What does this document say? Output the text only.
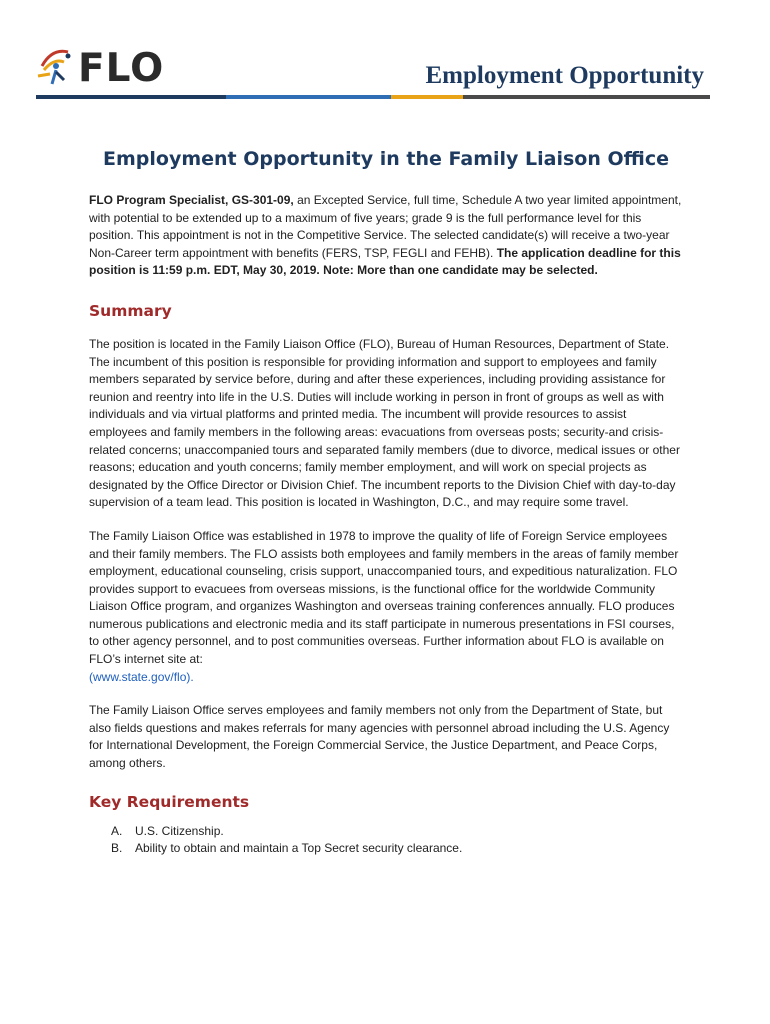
FLO	Employment Opportunity
Employment Opportunity in the Family Liaison Office

FLO Program Specialist, GS-301-09, an Excepted Service, full time, Schedule A two year limited appointment, with potential to be extended up to a maximum of five years; grade 9 is the full performance level for this position. This appointment is not in the Competitive Service. The selected candidate(s) will receive a two-year Non-Career term appointment with benefits (FERS, TSP, FEGLI and FEHB). The application deadline for this position is 11:59 p.m. EDT, May 30, 2019. Note: More than one candidate may be selected.

Summary

The position is located in the Family Liaison Office (FLO), Bureau of Human Resources, Department of State. The incumbent of this position is responsible for providing information and support to employees and family members separated by service before, during and after these experiences, including providing assistance for reunion and reentry into life in the U.S. Duties will include working in person in front of groups as well as with individuals and via virtual platforms and printed media. The incumbent will provide resources to assist employees and family members in the following areas: evacuations from overseas posts; security-and crisis-related concerns; unaccompanied tours and separated family members (due to divorce, medical issues or other reasons; education and youth concerns; family member employment, and will work on special projects as designated by the Office Director or Division Chief. The incumbent reports to the Division Chief with day-to-day supervision of a team lead. This position is located in Washington, D.C., and may require some travel.

The Family Liaison Office was established in 1978 to improve the quality of life of Foreign Service employees and their family members. The FLO assists both employees and family members in the areas of family member employment, educational counseling, crisis support, unaccompanied tours, and expeditious naturalization. FLO provides support to evacuees from overseas missions, is the functional office for the worldwide Community Liaison Office program, and organizes Washington and overseas training conferences annually. FLO produces numerous publications and electronic media and its staff participate in numerous presentations in FSI courses, to other agency personnel, and to post communities overseas. Further information about FLO is available on FLO’s internet site at:
(www.state.gov/flo).

The Family Liaison Office serves employees and family members not only from the Department of State, but also fields questions and makes referrals for many agencies with personnel abroad including the U.S. Agency for International Development, the Foreign Commercial Service, the Justice Department, and Peace Corps, among others.

Key Requirements
A. U.S. Citizenship.
B. Ability to obtain and maintain a Top Secret security clearance.
